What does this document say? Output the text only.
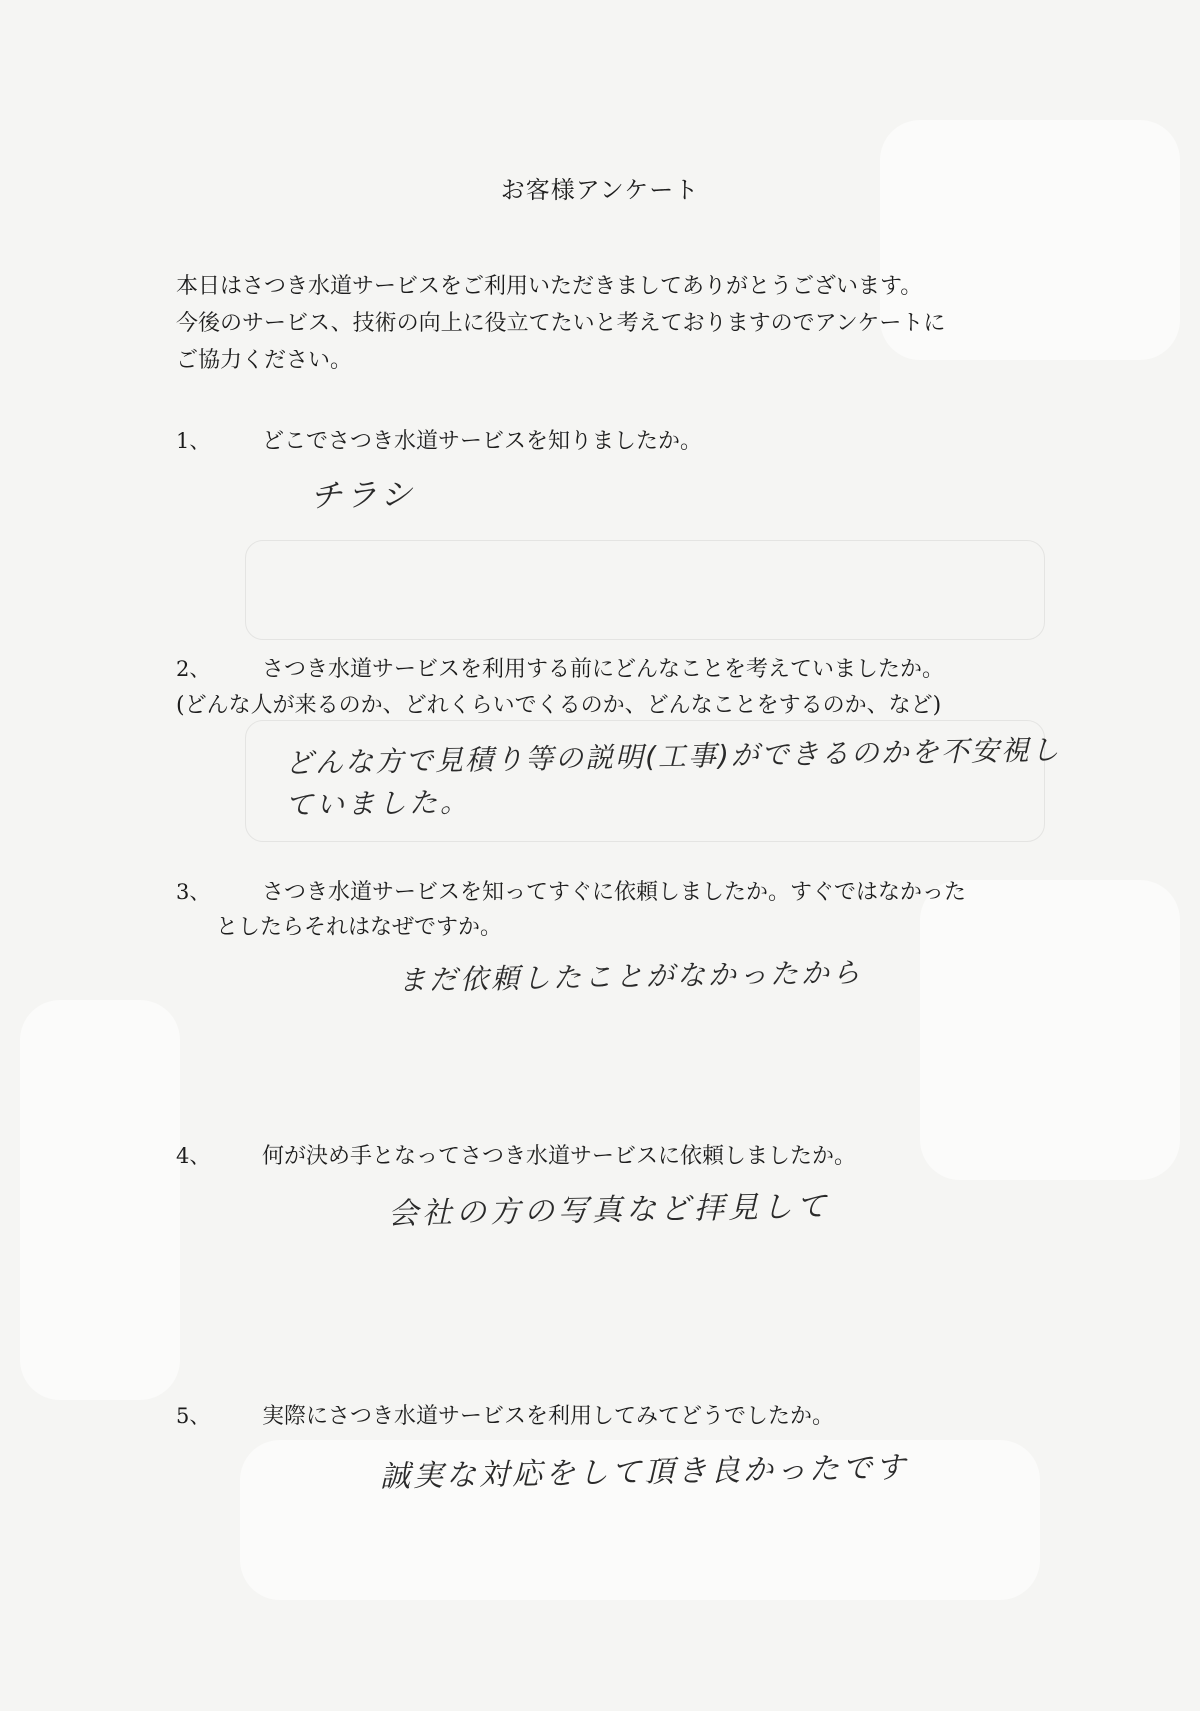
お客様アンケート

本日はさつき水道サービスをご利用いただきましてありがとうございます。

今後のサービス、技術の向上に役立てたいと考えておりますのでアンケートに

ご協力ください。

1、 どこでさつき水道サービスを知りましたか。
チラシ
2、 さつき水道サービスを利用する前にどんなことを考えていましたか。
(どんな人が来るのか、どれくらいでくるのか、どんなことをするのか、など)
どんな方で見積り等の説明(工事)ができるのかを不安視し
ていました。
3、 さつき水道サービスを知ってすぐに依頼しましたか。すぐではなかった
としたらそれはなぜですか。
まだ依頼したことがなかったから
4、 何が決め手となってさつき水道サービスに依頼しましたか。
会社の方の写真など拝見して
5、 実際にさつき水道サービスを利用してみてどうでしたか。
誠実な対応をして頂き良かったです
